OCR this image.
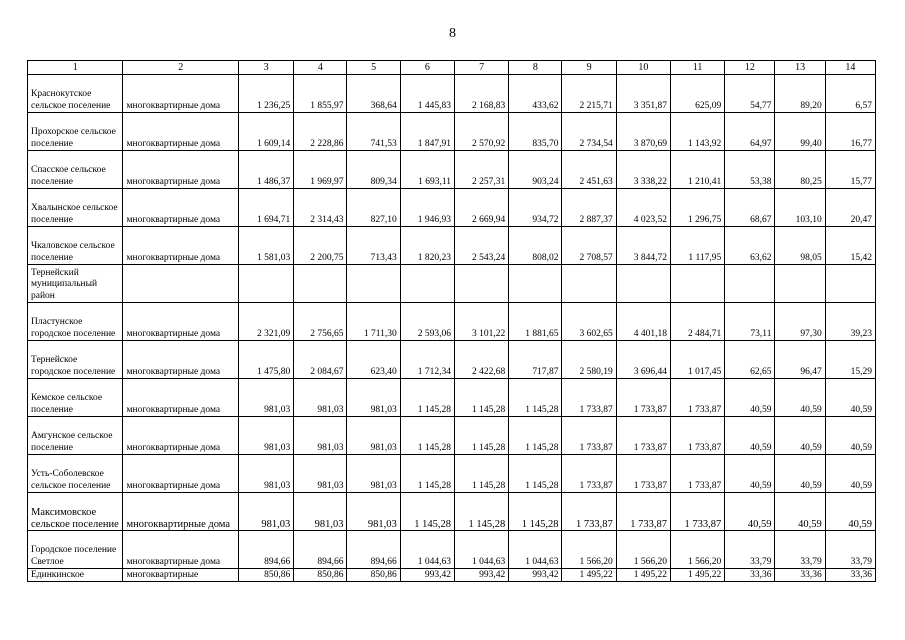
8
1	2	3	4	5	6	7	8	9	10	11	12	13	14
Краснокутское сельское поселение	многоквартирные дома	1 236,25	1 855,97	368,64	1 445,83	2 168,83	433,62	2 215,71	3 351,87	625,09	54,77	89,20	6,57
Прохорское сельское поселение	многоквартирные дома	1 609,14	2 228,86	741,53	1 847,91	2 570,92	835,70	2 734,54	3 870,69	1 143,92	64,97	99,40	16,77
Спасское сельское поселение	многоквартирные дома	1 486,37	1 969,97	809,34	1 693,11	2 257,31	903,24	2 451,63	3 338,22	1 210,41	53,38	80,25	15,77
Хвалынское сельское поселение	многоквартирные дома	1 694,71	2 314,43	827,10	1 946,93	2 669,94	934,72	2 887,37	4 023,52	1 296,75	68,67	103,10	20,47
Чкаловское сельское поселение	многоквартирные дома	1 581,03	2 200,75	713,43	1 820,23	2 543,24	808,02	2 708,57	3 844,72	1 117,95	63,62	98,05	15,42
Тернейский муниципальный район													
Пластунское городское поселение	многоквартирные дома	2 321,09	2 756,65	1 711,30	2 593,06	3 101,22	1 881,65	3 602,65	4 401,18	2 484,71	73,11	97,30	39,23
Тернейское городское поселение	многоквартирные дома	1 475,80	2 084,67	623,40	1 712,34	2 422,68	717,87	2 580,19	3 696,44	1 017,45	62,65	96,47	15,29
Кемское сельское поселение	многоквартирные дома	981,03	981,03	981,03	1 145,28	1 145,28	1 145,28	1 733,87	1 733,87	1 733,87	40,59	40,59	40,59
Амгунское сельское поселение	многоквартирные дома	981,03	981,03	981,03	1 145,28	1 145,28	1 145,28	1 733,87	1 733,87	1 733,87	40,59	40,59	40,59
Усть-Соболевское сельское поселение	многоквартирные дома	981,03	981,03	981,03	1 145,28	1 145,28	1 145,28	1 733,87	1 733,87	1 733,87	40,59	40,59	40,59
Максимовское сельское поселение	многоквартирные дома	981,03	981,03	981,03	1 145,28	1 145,28	1 145,28	1 733,87	1 733,87	1 733,87	40,59	40,59	40,59
Городское поселение Светлое	многоквартирные дома	894,66	894,66	894,66	1 044,63	1 044,63	1 044,63	1 566,20	1 566,20	1 566,20	33,79	33,79	33,79
Единкинское	многоквартирные	850,86	850,86	850,86	993,42	993,42	993,42	1 495,22	1 495,22	1 495,22	33,36	33,36	33,36
